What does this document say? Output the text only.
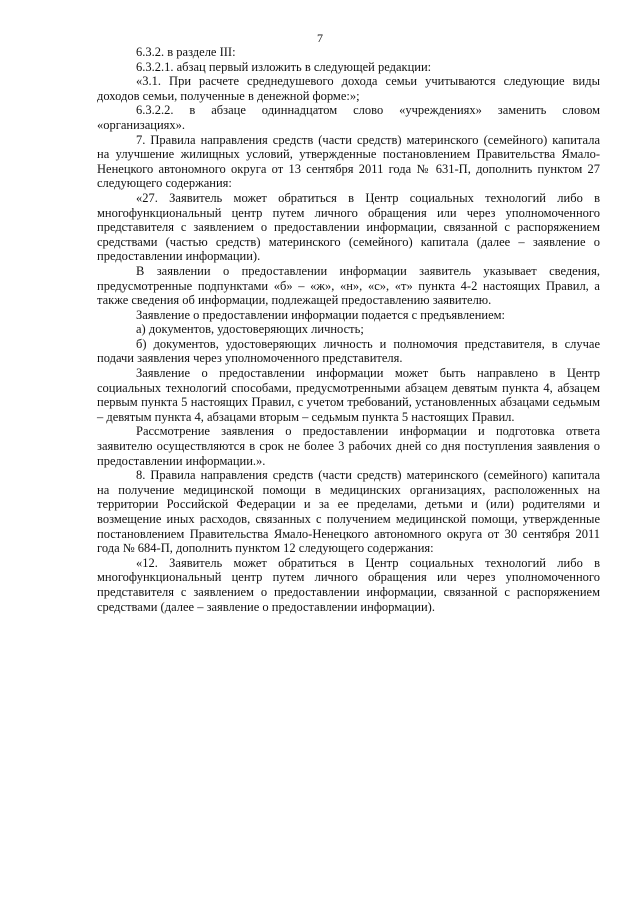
7

6.3.2. в разделе III:

6.3.2.1. абзац первый изложить в следующей редакции:

«3.1. При расчете среднедушевого дохода семьи учитываются следующие виды доходов семьи, полученные в денежной форме:»;

6.3.2.2. в абзаце одиннадцатом слово «учреждениях» заменить словом «организациях».

7. Правила направления средств (части средств) материнского (семейного) капитала на улучшение жилищных условий, утвержденные постановлением Правительства Ямало-Ненецкого автономного округа от 13 сентября 2011 года № 631-П, дополнить пунктом 27 следующего содержания:

«27. Заявитель может обратиться в Центр социальных технологий либо в многофункциональный центр путем личного обращения или через уполномоченного представителя с заявлением о предоставлении информации, связанной с распоряжением средствами (частью средств) материнского (семейного) капитала (далее – заявление о предоставлении информации).

В заявлении о предоставлении информации заявитель указывает сведения, предусмотренные подпунктами «б» – «ж», «н», «с», «т» пункта 4-2 настоящих Правил, а также сведения об информации, подлежащей предоставлению заявителю.

Заявление о предоставлении информации подается с предъявлением:

а) документов, удостоверяющих личность;

б) документов, удостоверяющих личность и полномочия представителя, в случае подачи заявления через уполномоченного представителя.

Заявление о предоставлении информации может быть направлено в Центр социальных технологий способами, предусмотренными абзацем девятым пункта 4, абзацем первым пункта 5 настоящих Правил, с учетом требований, установленных абзацами седьмым – девятым пункта 4, абзацами вторым – седьмым пункта 5 настоящих Правил.

Рассмотрение заявления о предоставлении информации и подготовка ответа заявителю осуществляются в срок не более 3 рабочих дней со дня поступления заявления о предоставлении информации.».

8. Правила направления средств (части средств) материнского (семейного) капитала на получение медицинской помощи в медицинских организациях, расположенных на территории Российской Федерации и за ее пределами, детьми и (или) родителями и возмещение иных расходов, связанных с получением медицинской помощи, утвержденные постановлением Правительства Ямало-Ненецкого автономного округа от 30 сентября 2011 года № 684-П, дополнить пунктом 12 следующего содержания:

«12. Заявитель может обратиться в Центр социальных технологий либо в многофункциональный центр путем личного обращения или через уполномоченного представителя с заявлением о предоставлении информации, связанной с распоряжением средствами (далее – заявление о предоставлении информации).
